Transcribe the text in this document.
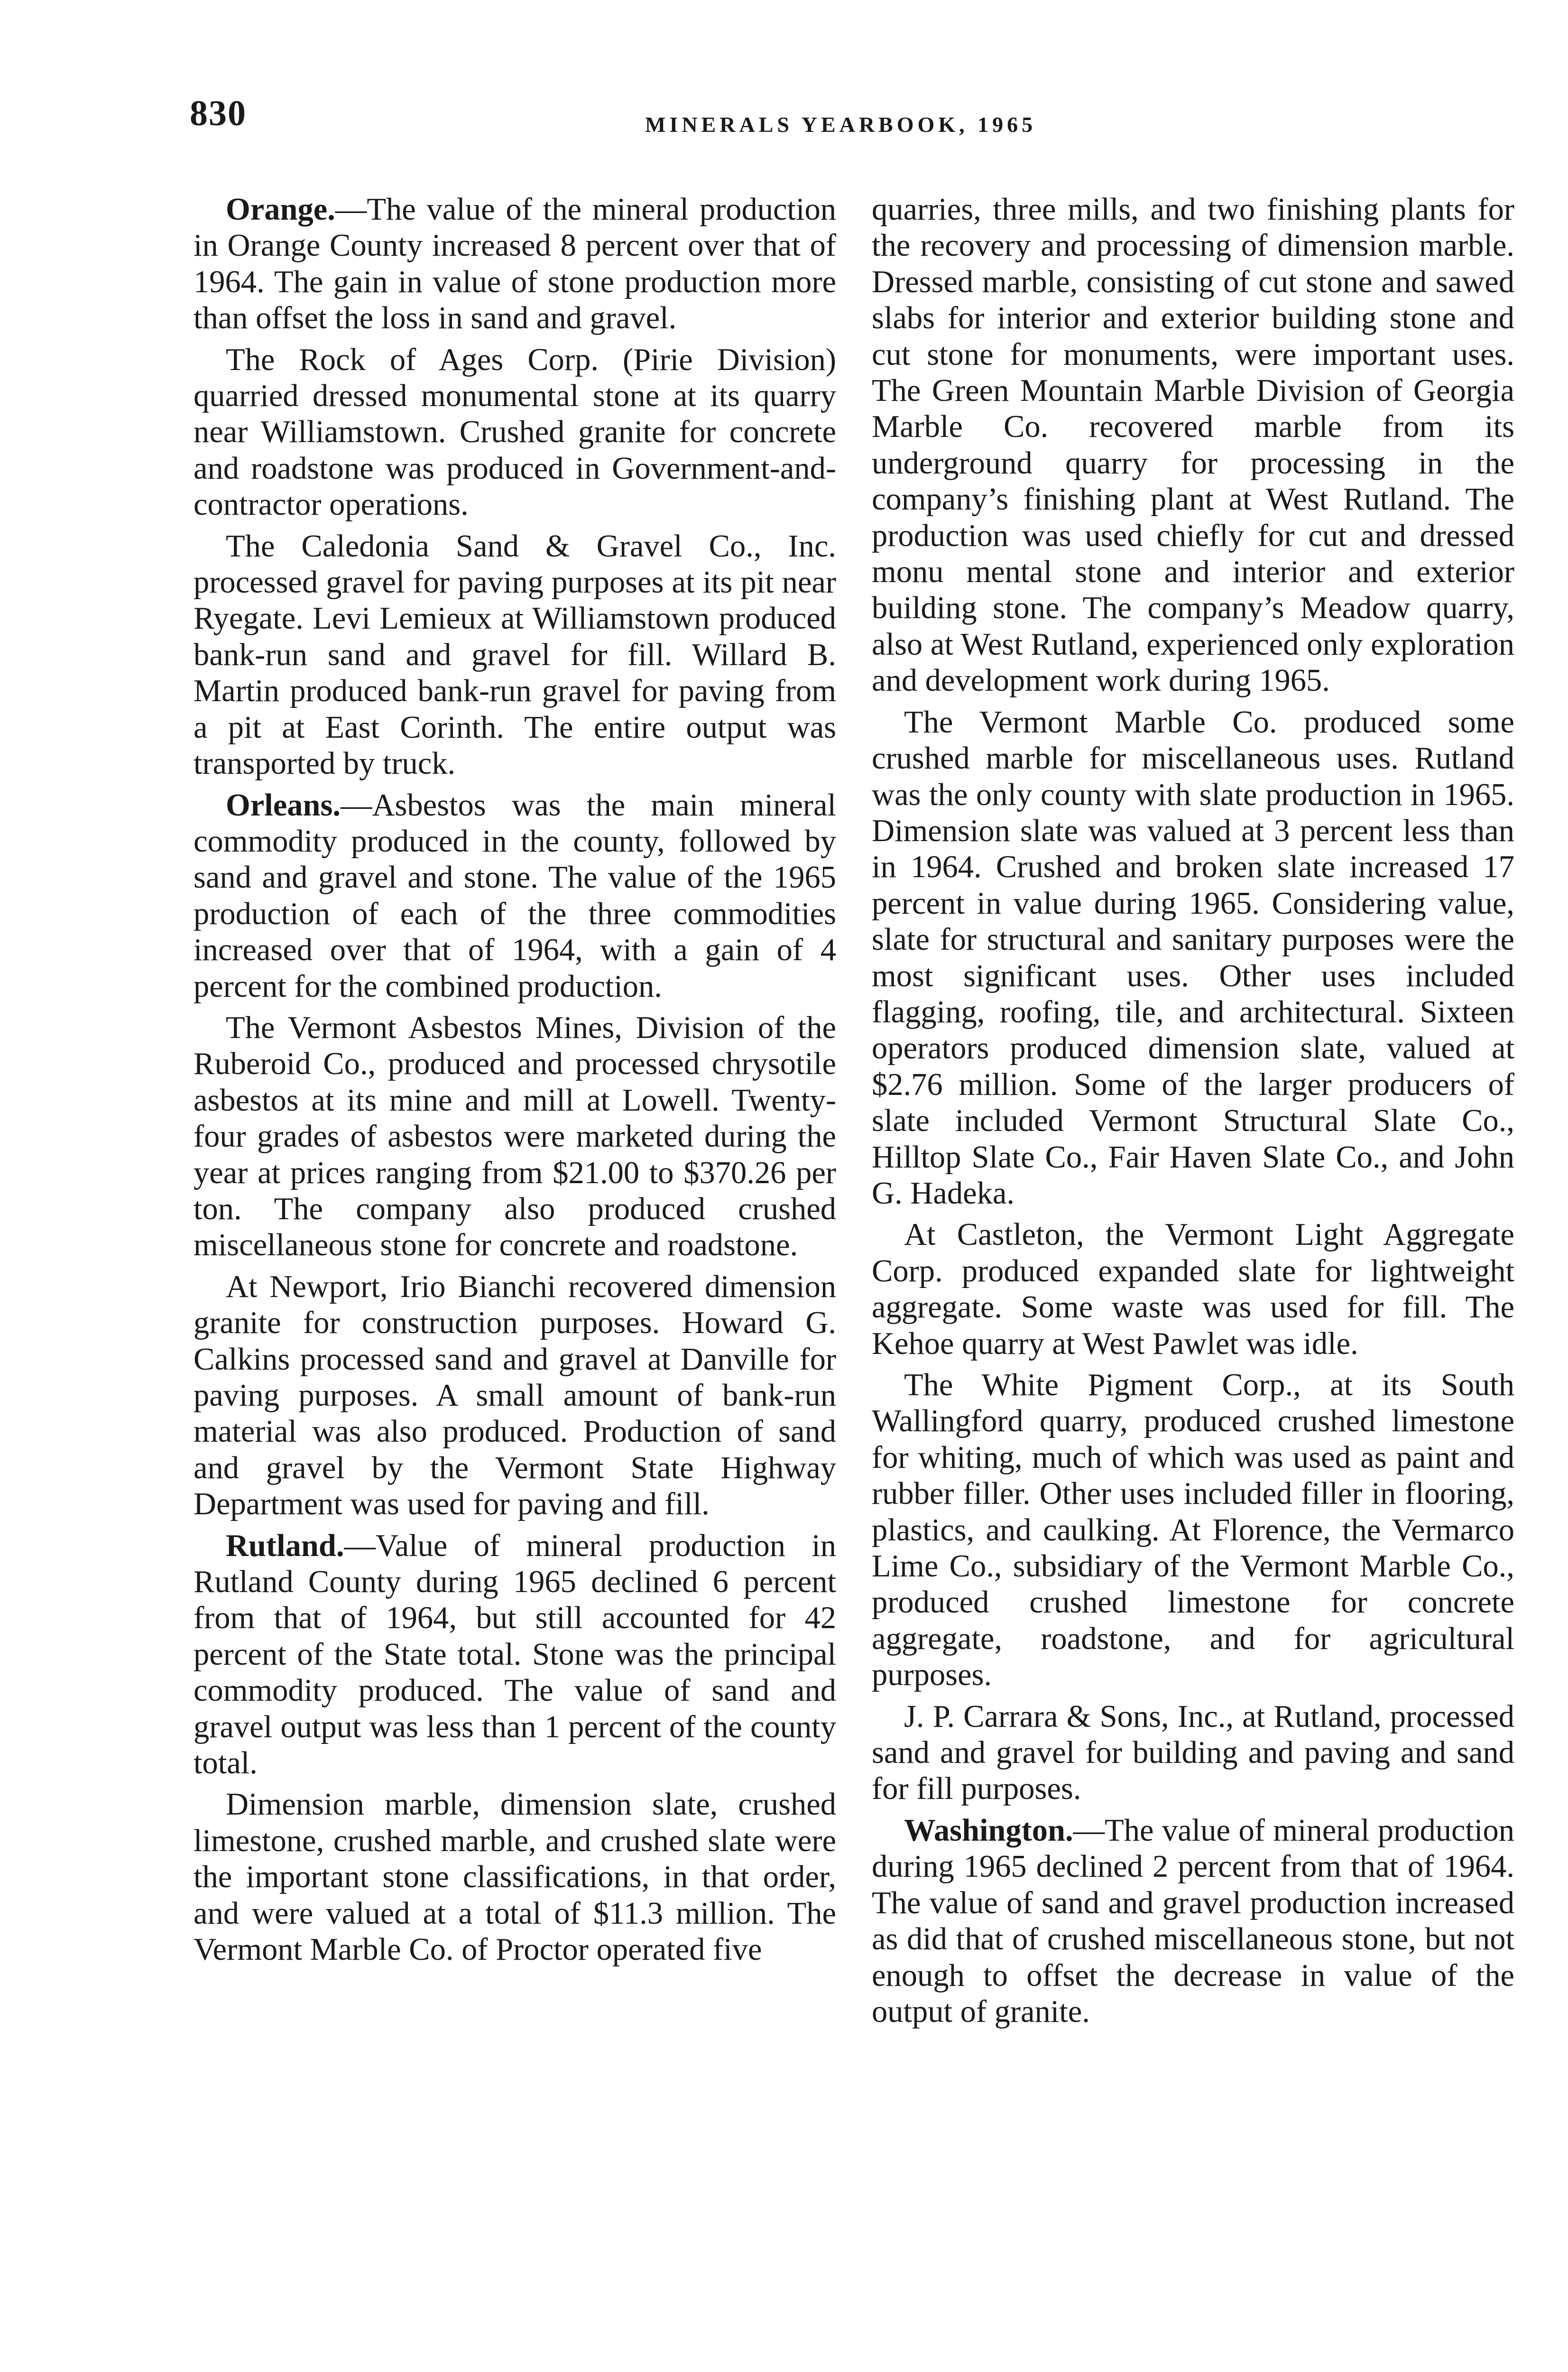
830	MINERALS YEARBOOK, 1965

Orange.—The value of the mineral production in Orange County increased 8 percent over that of 1964. The gain in value of stone production more than offset the loss in sand and gravel.

The Rock of Ages Corp. (Pirie Division) quarried dressed monumental stone at its quarry near Williamstown. Crushed granite for concrete and roadstone was produced in Government-and-contractor operations.

The Caledonia Sand & Gravel Co., Inc. processed gravel for paving purposes at its pit near Ryegate. Levi Lemieux at Williamstown produced bank-run sand and gravel for fill. Willard B. Martin produced bank-run gravel for paving from a pit at East Corinth. The entire output was transported by truck.

Orleans.—Asbestos was the main mineral commodity produced in the county, followed by sand and gravel and stone. The value of the 1965 production of each of the three commodities increased over that of 1964, with a gain of 4 percent for the combined production.

The Vermont Asbestos Mines, Division of the Ruberoid Co., produced and processed chrysotile asbestos at its mine and mill at Lowell. Twenty-four grades of asbestos were marketed during the year at prices ranging from $21.00 to $370.26 per ton. The company also produced crushed miscellaneous stone for concrete and roadstone.

At Newport, Irio Bianchi recovered dimension granite for construction purposes. Howard G. Calkins processed sand and gravel at Danville for paving purposes. A small amount of bank-run material was also produced. Production of sand and gravel by the Vermont State Highway Department was used for paving and fill.

Rutland.—Value of mineral production in Rutland County during 1965 declined 6 percent from that of 1964, but still accounted for 42 percent of the State total. Stone was the principal commodity produced. The value of sand and gravel output was less than 1 percent of the county total.

Dimension marble, dimension slate, crushed limestone, crushed marble, and crushed slate were the important stone classifications, in that order, and were valued at a total of $11.3 million. The Vermont Marble Co. of Proctor operated five

quarries, three mills, and two finishing plants for the recovery and processing of dimension marble. Dressed marble, consisting of cut stone and sawed slabs for interior and exterior building stone and cut stone for monuments, were important uses. The Green Mountain Marble Division of Georgia Marble Co. recovered marble from its underground quarry for processing in the company’s finishing plant at West Rutland. The production was used chiefly for cut and dressed monu mental stone and interior and exterior building stone. The company’s Meadow quarry, also at West Rutland, experienced only exploration and development work during 1965.

The Vermont Marble Co. produced some crushed marble for miscellaneous uses. Rutland was the only county with slate production in 1965. Dimension slate was valued at 3 percent less than in 1964. Crushed and broken slate increased 17 percent in value during 1965. Considering value, slate for structural and sanitary purposes were the most significant uses. Other uses included flagging, roofing, tile, and architectural. Sixteen operators produced dimension slate, valued at $2.76 million. Some of the larger producers of slate included Vermont Structural Slate Co., Hilltop Slate Co., Fair Haven Slate Co., and John G. Hadeka.

At Castleton, the Vermont Light Aggregate Corp. produced expanded slate for lightweight aggregate. Some waste was used for fill. The Kehoe quarry at West Pawlet was idle.

The White Pigment Corp., at its South Wallingford quarry, produced crushed limestone for whiting, much of which was used as paint and rubber filler. Other uses included filler in flooring, plastics, and caulking. At Florence, the Vermarco Lime Co., subsidiary of the Vermont Marble Co., produced crushed limestone for concrete aggregate, roadstone, and for agricultural purposes.

J. P. Carrara & Sons, Inc., at Rutland, processed sand and gravel for building and paving and sand for fill purposes.

Washington.—The value of mineral production during 1965 declined 2 percent from that of 1964. The value of sand and gravel production increased as did that of crushed miscellaneous stone, but not enough to offset the decrease in value of the output of granite.
